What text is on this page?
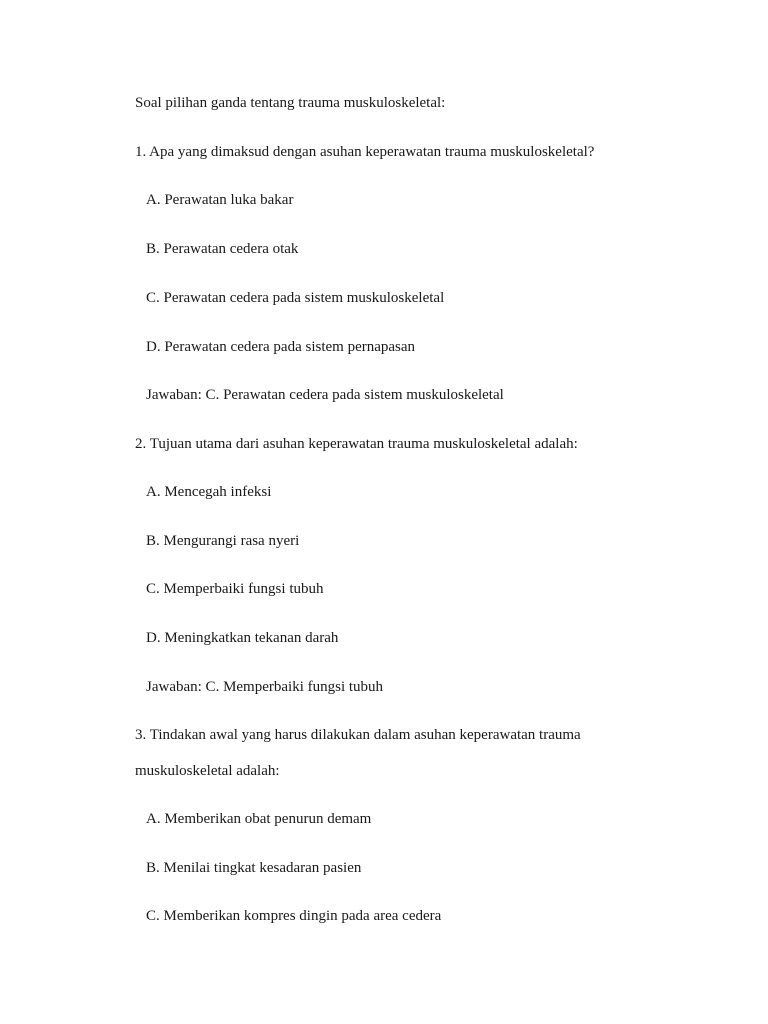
Soal pilihan ganda tentang trauma muskuloskeletal:
1. Apa yang dimaksud dengan asuhan keperawatan trauma muskuloskeletal?
A. Perawatan luka bakar
B. Perawatan cedera otak
C. Perawatan cedera pada sistem muskuloskeletal
D. Perawatan cedera pada sistem pernapasan
Jawaban: C. Perawatan cedera pada sistem muskuloskeletal
2. Tujuan utama dari asuhan keperawatan trauma muskuloskeletal adalah:
A. Mencegah infeksi
B. Mengurangi rasa nyeri
C. Memperbaiki fungsi tubuh
D. Meningkatkan tekanan darah
Jawaban: C. Memperbaiki fungsi tubuh
3. Tindakan awal yang harus dilakukan dalam asuhan keperawatan trauma
muskuloskeletal adalah:
A. Memberikan obat penurun demam
B. Menilai tingkat kesadaran pasien
C. Memberikan kompres dingin pada area cedera
